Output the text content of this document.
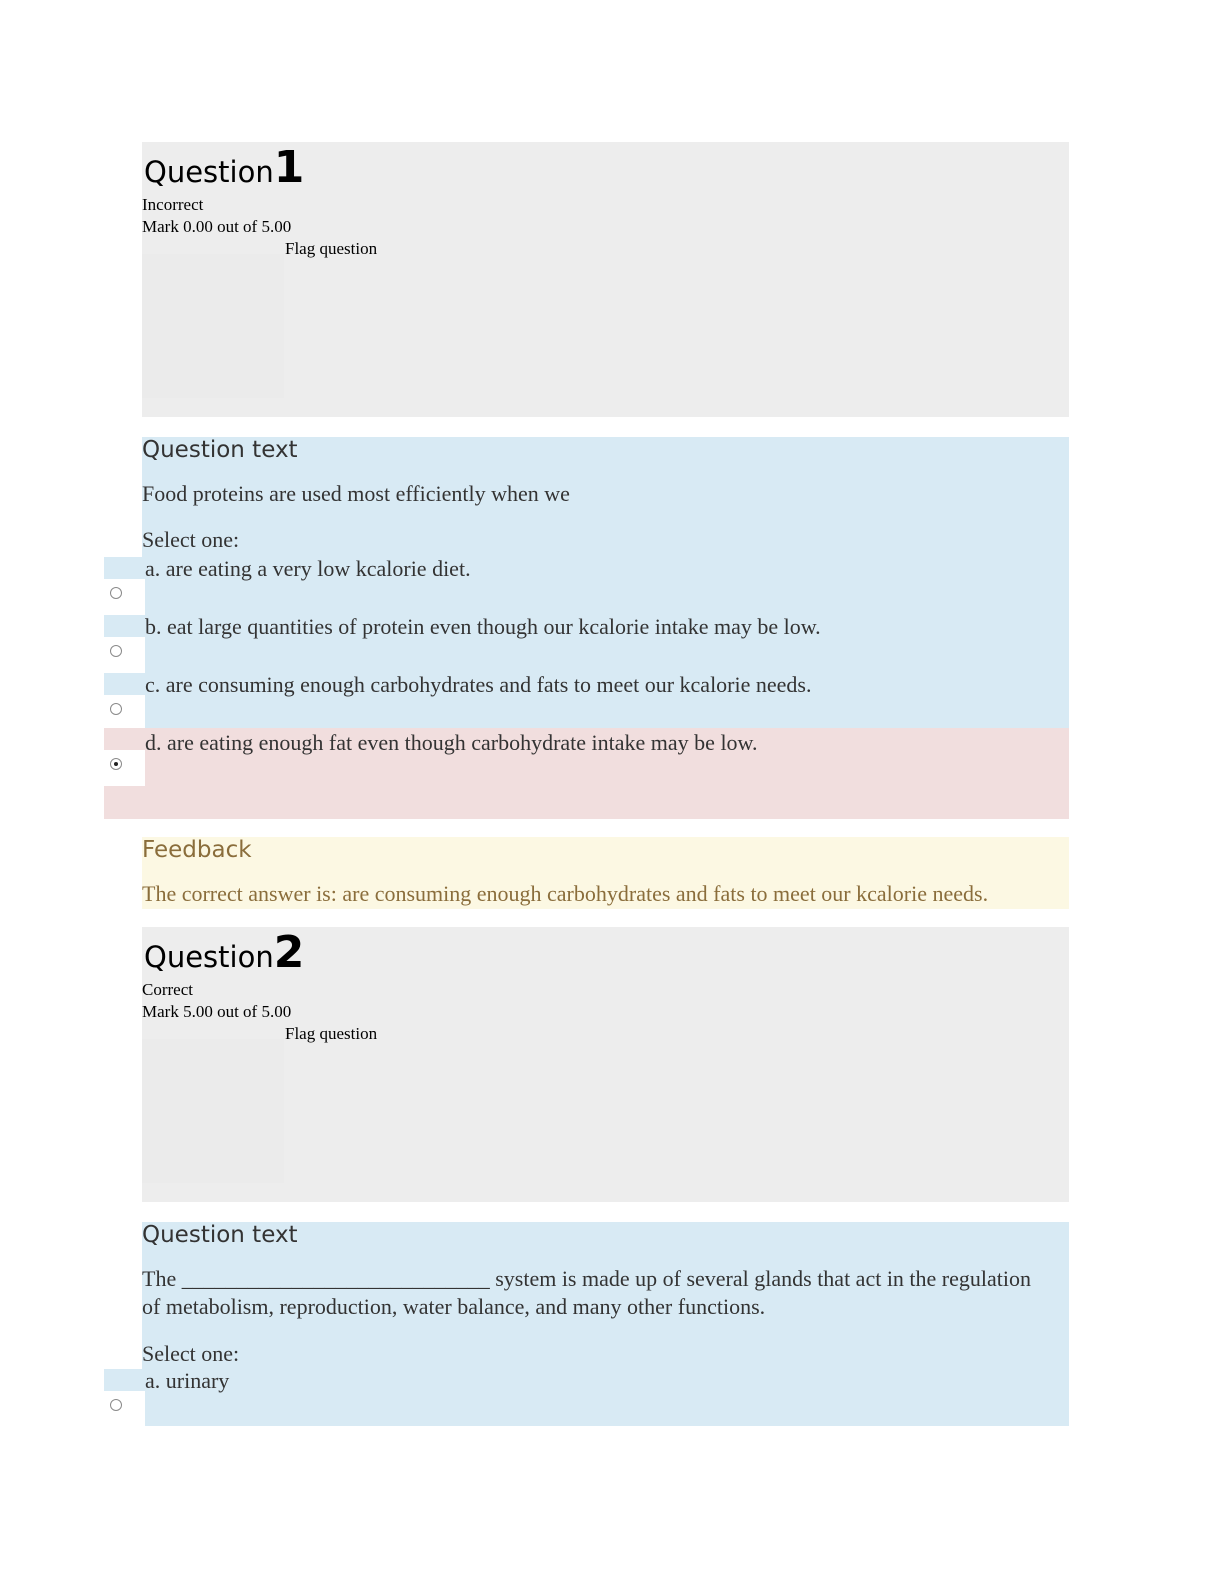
Question1
Incorrect
Mark 0.00 out of 5.00
Flag question
Question text
Food proteins are used most efficiently when we
Select one:
a. are eating a very low kcalorie diet.
b. eat large quantities of protein even though our kcalorie intake may be low.
c. are consuming enough carbohydrates and fats to meet our kcalorie needs.
d. are eating enough fat even though carbohydrate intake may be low.
Feedback
The correct answer is: are consuming enough carbohydrates and fats to meet our kcalorie needs.
Question2
Correct
Mark 5.00 out of 5.00
Flag question
Question text
The ____________________________ system is made up of several glands that act in the regulation of metabolism, reproduction, water balance, and many other functions.
Select one:
a. urinary
